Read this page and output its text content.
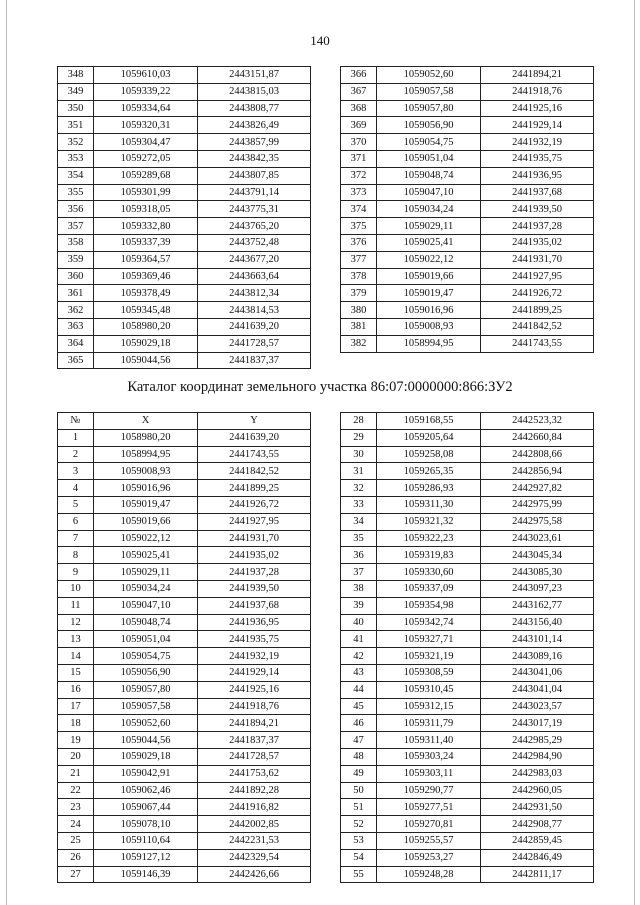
140
348	1059610,03	2443151,87
349	1059339,22	2443815,03
350	1059334,64	2443808,77
351	1059320,31	2443826,49
352	1059304,47	2443857,99
353	1059272,05	2443842,35
354	1059289,68	2443807,85
355	1059301,99	2443791,14
356	1059318,05	2443775,31
357	1059332,80	2443765,20
358	1059337,39	2443752,48
359	1059364,57	2443677,20
360	1059369,46	2443663,64
361	1059378,49	2443812,34
362	1059345,48	2443814,53
363	1058980,20	2441639,20
364	1059029,18	2441728,57
365	1059044,56	2441837,37
366	1059052,60	2441894,21
367	1059057,58	2441918,76
368	1059057,80	2441925,16
369	1059056,90	2441929,14
370	1059054,75	2441932,19
371	1059051,04	2441935,75
372	1059048,74	2441936,95
373	1059047,10	2441937,68
374	1059034,24	2441939,50
375	1059029,11	2441937,28
376	1059025,41	2441935,02
377	1059022,12	2441931,70
378	1059019,66	2441927,95
379	1059019,47	2441926,72
380	1059016,96	2441899,25
381	1059008,93	2441842,52
382	1058994,95	2441743,55
Каталог координат земельного участка 86:07:0000000:866:ЗУ2
№	X	Y
1	1058980,20	2441639,20
2	1058994,95	2441743,55
3	1059008,93	2441842,52
4	1059016,96	2441899,25
5	1059019,47	2441926,72
6	1059019,66	2441927,95
7	1059022,12	2441931,70
8	1059025,41	2441935,02
9	1059029,11	2441937,28
10	1059034,24	2441939,50
11	1059047,10	2441937,68
12	1059048,74	2441936,95
13	1059051,04	2441935,75
14	1059054,75	2441932,19
15	1059056,90	2441929,14
16	1059057,80	2441925,16
17	1059057,58	2441918,76
18	1059052,60	2441894,21
19	1059044,56	2441837,37
20	1059029,18	2441728,57
21	1059042,91	2441753,62
22	1059062,46	2441892,28
23	1059067,44	2441916,82
24	1059078,10	2442002,85
25	1059110,64	2442231,53
26	1059127,12	2442329,54
27	1059146,39	2442426,66
28	1059168,55	2442523,32
29	1059205,64	2442660,84
30	1059258,08	2442808,66
31	1059265,35	2442856,94
32	1059286,93	2442927,82
33	1059311,30	2442975,99
34	1059321,32	2442975,58
35	1059322,23	2443023,61
36	1059319,83	2443045,34
37	1059330,60	2443085,30
38	1059337,09	2443097,23
39	1059354,98	2443162,77
40	1059342,74	2443156,40
41	1059327,71	2443101,14
42	1059321,19	2443089,16
43	1059308,59	2443041,06
44	1059310,45	2443041,04
45	1059312,15	2443023,57
46	1059311,79	2443017,19
47	1059311,40	2442985,29
48	1059303,24	2442984,90
49	1059303,11	2442983,03
50	1059290,77	2442960,05
51	1059277,51	2442931,50
52	1059270,81	2442908,77
53	1059255,57	2442859,45
54	1059253,27	2442846,49
55	1059248,28	2442811,17
